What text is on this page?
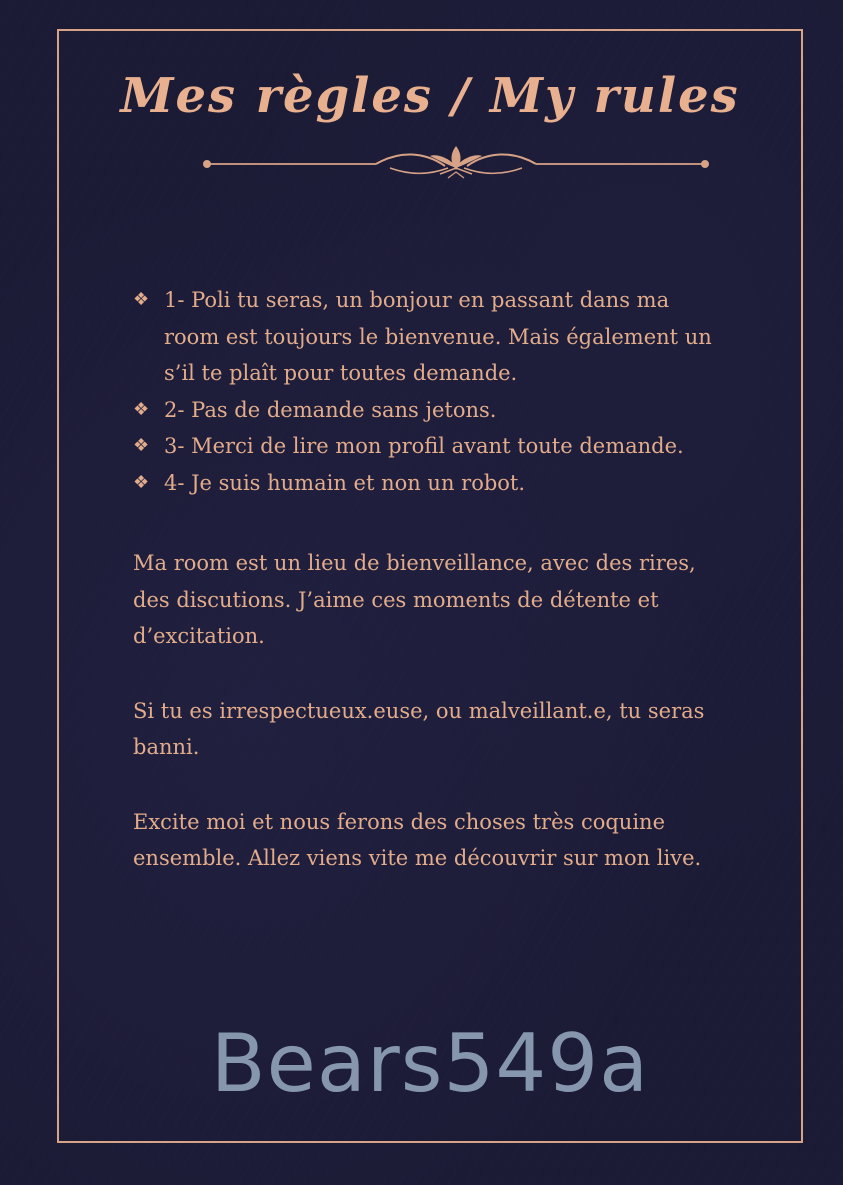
Mes règles / My rules
❖ 1- Poli tu seras, un bonjour en passant dans ma room est toujours le bienvenue. Mais également un s’il te plaît pour toutes demande.
❖ 2- Pas de demande sans jetons.
❖ 3- Merci de lire mon profil avant toute demande.
❖ 4- Je suis humain et non un robot.

Ma room est un lieu de bienveillance, avec des rires, des discutions. J’aime ces moments de détente et d’excitation.

Si tu es irrespectueux.euse, ou malveillant.e, tu seras banni.

Excite moi et nous ferons des choses très coquine ensemble. Allez viens vite me découvrir sur mon live.

Bears549a
